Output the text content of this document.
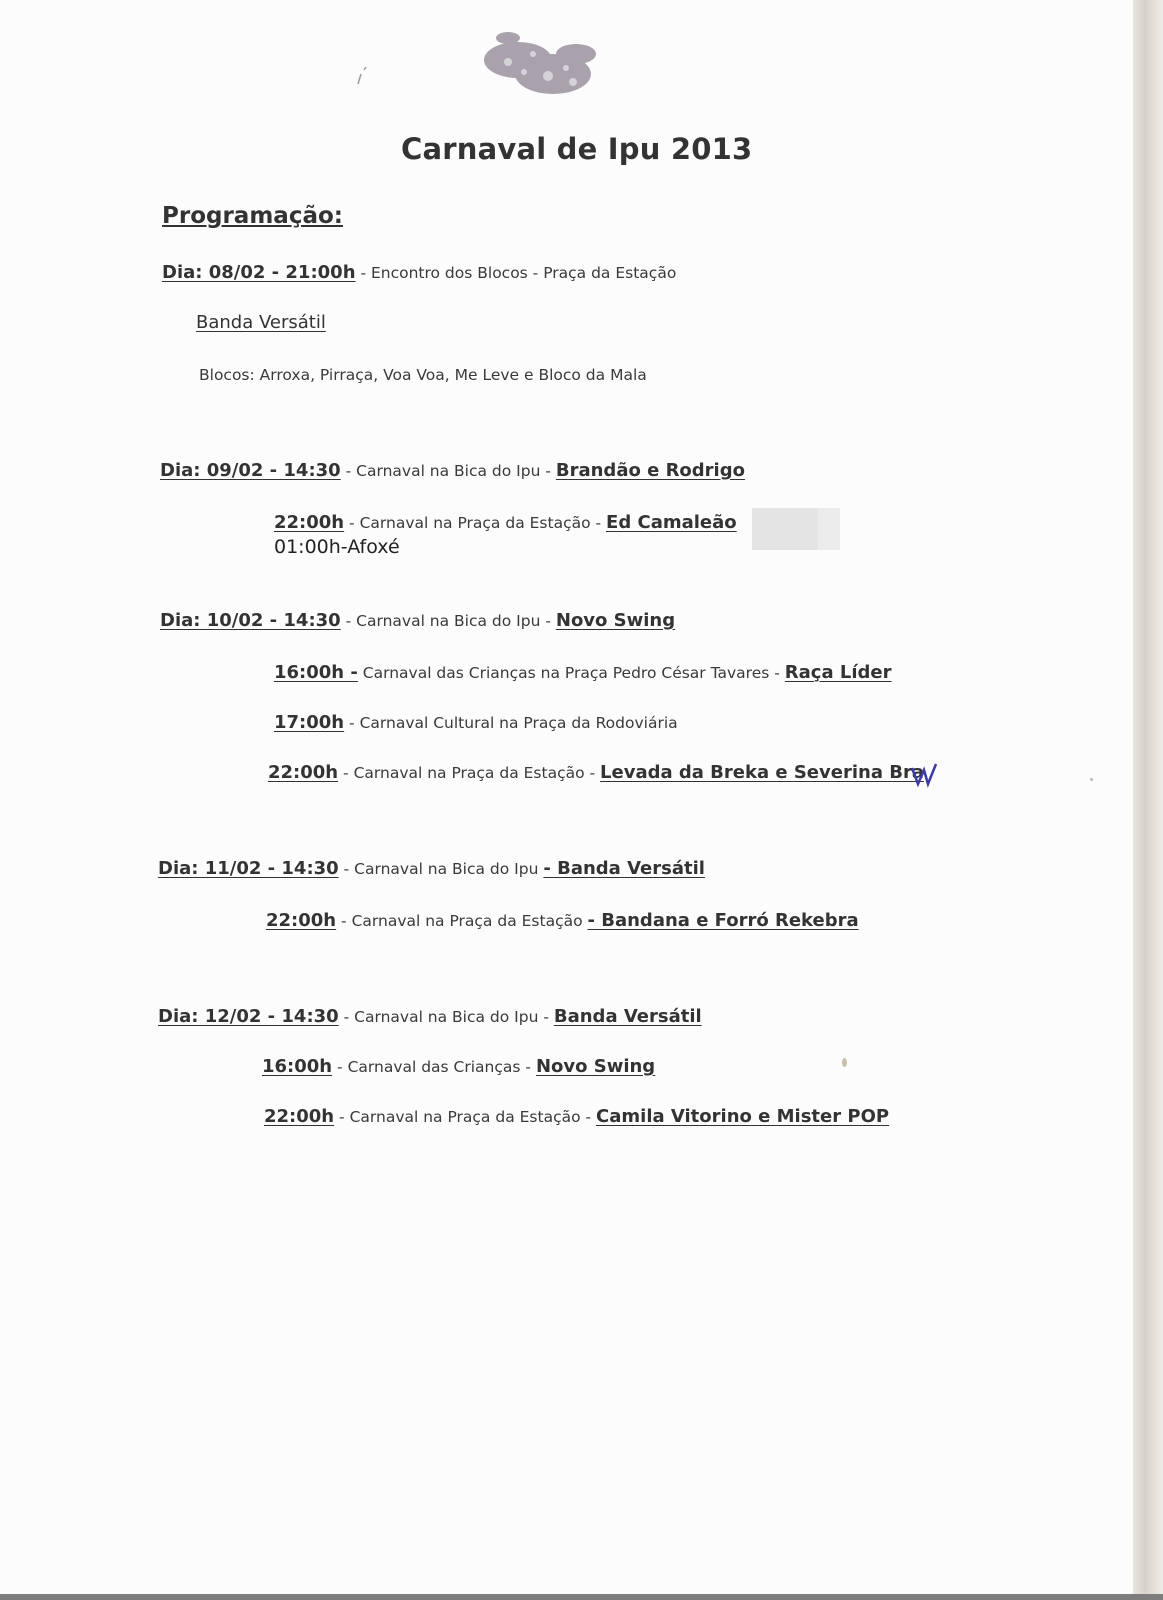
Carnaval de Ipu 2013
Programação:
Dia: 08/02 - 21:00h - Encontro dos Blocos - Praça da Estação
Banda Versátil
Blocos: Arroxa, Pirraça, Voa Voa, Me Leve e Bloco da Mala
Dia: 09/02 - 14:30 - Carnaval na Bica do Ipu - Brandão e Rodrigo
22:00h - Carnaval na Praça da Estação - Ed Camaleão
01:00h-Afoxé
Dia: 10/02 - 14:30 - Carnaval na Bica do Ipu - Novo Swing
16:00h - Carnaval das Crianças na Praça Pedro César Tavares - Raça Líder
17:00h - Carnaval Cultural na Praça da Rodoviária
22:00h - Carnaval na Praça da Estação - Levada da Breka e Severina Bra
Dia: 11/02 - 14:30 - Carnaval na Bica do Ipu - Banda Versátil
22:00h - Carnaval na Praça da Estação - Bandana e Forró Rekebra
Dia: 12/02 - 14:30 - Carnaval na Bica do Ipu - Banda Versátil
16:00h - Carnaval das Crianças - Novo Swing
22:00h - Carnaval na Praça da Estação - Camila Vitorino e Mister POP
